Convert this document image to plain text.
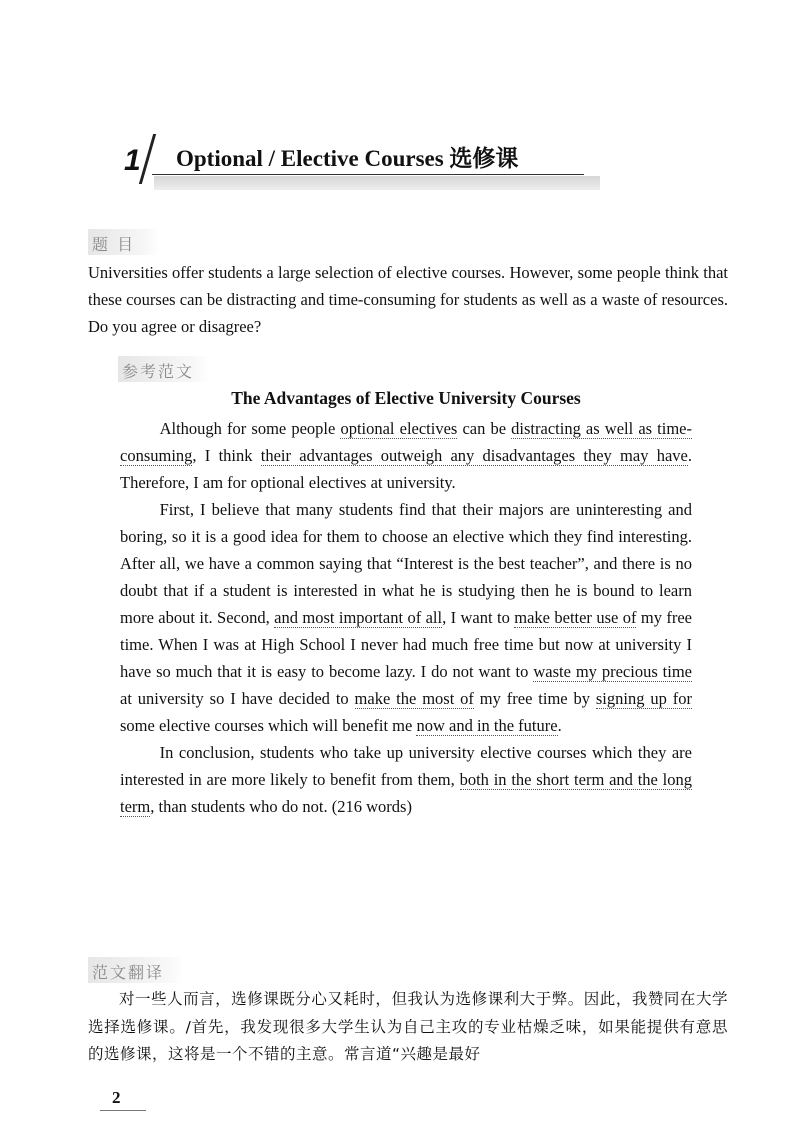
1 Optional / Elective Courses 选修课
题 目
Universities offer students a large selection of elective courses. However, some people think that these courses can be distracting and time-consuming for students as well as a waste of resources. Do you agree or disagree?
参考范文
The Advantages of Elective University Courses

Although for some people optional electives can be distracting as well as time-consuming, I think their advantages outweigh any disadvantages they may have. Therefore, I am for optional electives at university.

First, I believe that many students find that their majors are uninteresting and boring, so it is a good idea for them to choose an elective which they find interesting. After all, we have a common saying that “Interest is the best teacher”, and there is no doubt that if a student is interested in what he is studying then he is bound to learn more about it. Second, and most important of all, I want to make better use of my free time. When I was at High School I never had much free time but now at university I have so much that it is easy to become lazy. I do not want to waste my precious time at university so I have decided to make the most of my free time by signing up for some elective courses which will benefit me now and in the future.

In conclusion, students who take up university elective courses which they are interested in are more likely to benefit from them, both in the short term and the long term, than students who do not. (216 words)

范文翻译
对一些人而言，选修课既分心又耗时，但我认为选修课利大于弊。因此，我赞同在大学选择选修课。/首先，我发现很多大学生认为自己主攻的专业枯燥乏味，如果能提供有意思的选修课，这将是一个不错的主意。常言道“兴趣是最好
2
